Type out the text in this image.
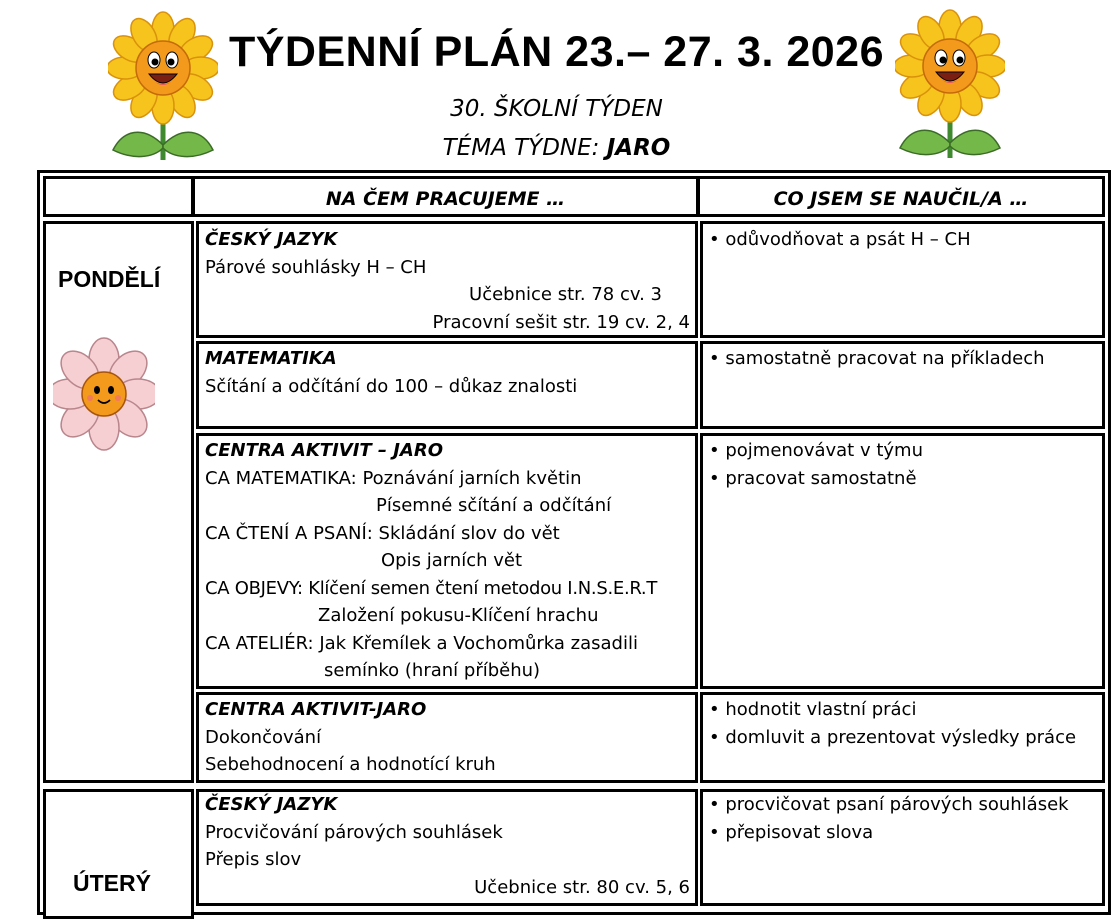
TÝDENNÍ PLÁN 23.– 27. 3. 2026
30. ŠKOLNÍ TÝDEN
TÉMA TÝDNE: JARO
NA ČEM PRACUJEME …	CO JSEM SE NAUČIL/A …
PONDĚLÍ
ČESKÝ JAZYK
Párové souhlásky H – CH
Učebnice str. 78 cv. 3
Pracovní sešit str. 19 cv. 2, 4
• odůvodňovat a psát H – CH
MATEMATIKA
Sčítání a odčítání do 100 – důkaz znalosti
• samostatně pracovat na příkladech
CENTRA AKTIVIT – JARO
CA MATEMATIKA: Poznávání jarních květin
Písemné sčítání a odčítání
CA ČTENÍ A PSANÍ: Skládání slov do vět
Opis jarních vět
CA OBJEVY: Klíčení semen čtení metodou I.N.S.E.R.T
Založení pokusu-Klíčení hrachu
CA ATELIÉR: Jak Křemílek a Vochomůrka zasadili
semínko (hraní příběhu)
• pojmenovávat v týmu
• pracovat samostatně
CENTRA AKTIVIT-JARO
Dokončování
Sebehodnocení a hodnotící kruh
• hodnotit vlastní práci
• domluvit a prezentovat výsledky práce
ÚTERÝ
ČESKÝ JAZYK
Procvičování párových souhlásek
Přepis slov
Učebnice str. 80 cv. 5, 6
• procvičovat psaní párových souhlásek
• přepisovat slova
